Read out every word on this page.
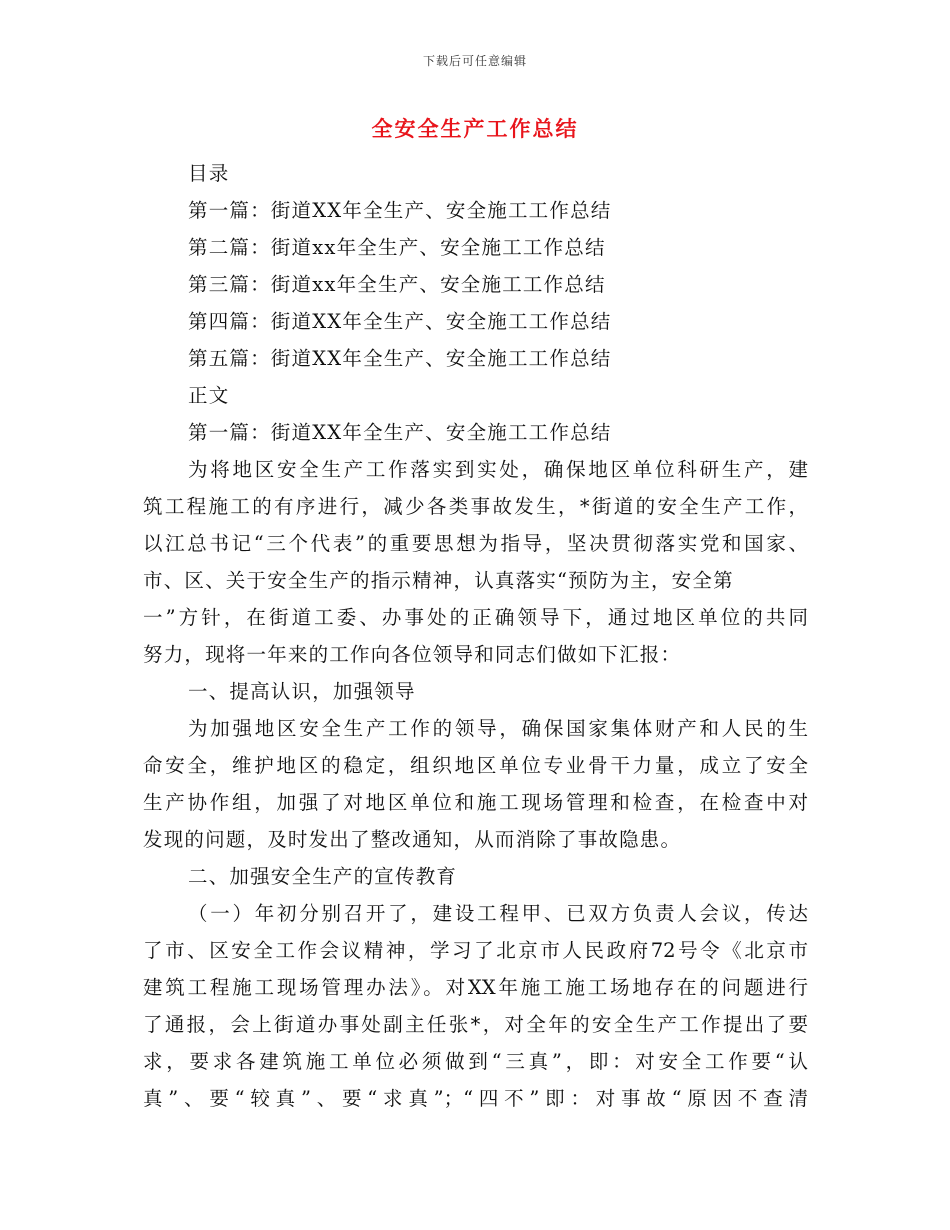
下载后可任意编辑
全安全生产工作总结
目录
第一篇：街道XX年全生产、安全施工工作总结
第二篇：街道xx年全生产、安全施工工作总结
第三篇：街道xx年全生产、安全施工工作总结
第四篇：街道XX年全生产、安全施工工作总结
第五篇：街道XX年全生产、安全施工工作总结
正文
第一篇：街道XX年全生产、安全施工工作总结
为将地区安全生产工作落实到实处，确保地区单位科研生产，建
筑工程施工的有序进行，减少各类事故发生，*街道的安全生产工作，
以江总书记“三个代表”的重要思想为指导，坚决贯彻落实党和国家、
市、区、关于安全生产的指示精神，认真落实“预防为主，安全第
一”方针，在街道工委、办事处的正确领导下，通过地区单位的共同
努力，现将一年来的工作向各位领导和同志们做如下汇报：
一、提高认识，加强领导
为加强地区安全生产工作的领导，确保国家集体财产和人民的生
命安全，维护地区的稳定，组织地区单位专业骨干力量，成立了安全
生产协作组，加强了对地区单位和施工现场管理和检查，在检查中对
发现的问题，及时发出了整改通知，从而消除了事故隐患。
二、加强安全生产的宣传教育
（一）年初分别召开了，建设工程甲、已双方负责人会议，传达
了市、区安全工作会议精神，学习了北京市人民政府72号令《北京市
建筑工程施工现场管理办法》。对XX年施工施工场地存在的问题进行
了通报，会上街道办事处副主任张*，对全年的安全生产工作提出了要
求，要求各建筑施工单位必须做到“三真”，即：对安全工作要“认
真”、要“较真”、要“求真”；“四不”即：对事故“原因不查清
